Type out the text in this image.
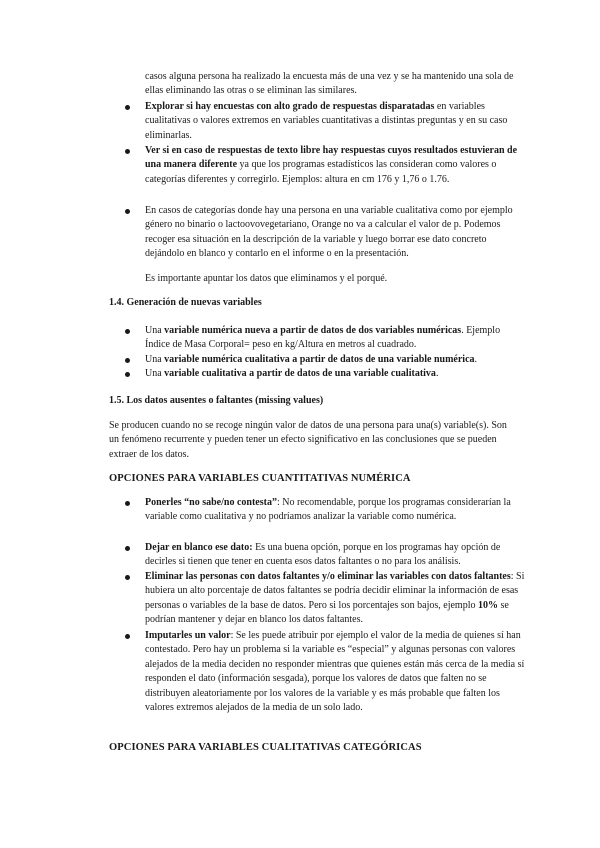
casos alguna persona ha realizado la encuesta más de una vez y se ha mantenido una sola de ellas eliminando las otras o se eliminan las similares.

Explorar si hay encuestas con alto grado de respuestas disparatadas en variables cualitativas o valores extremos en variables cuantitativas a distintas preguntas y en su caso eliminarlas.

Ver si en caso de respuestas de texto libre hay respuestas cuyos resultados estuvieran de una manera diferente ya que los programas estadísticos las consideran como valores o categorías diferentes y corregirlo. Ejemplos: altura en cm 176 y 1,76 o 1.76.

En casos de categorías donde hay una persona en una variable cualitativa como por ejemplo género no binario o lactoovovegetariano, Orange no va a calcular el valor de p. Podemos recoger esa situación en la descripción de la variable y luego borrar ese dato concreto dejándolo en blanco y contarlo en el informe o en la presentación.

Es importante apuntar los datos que eliminamos y el porqué.

1.4. Generación de nuevas variables

Una variable numérica nueva a partir de datos de dos variables numéricas. Ejemplo Índice de Masa Corporal= peso en kg/Altura en metros al cuadrado.

Una variable numérica cualitativa a partir de datos de una variable numérica.

Una variable cualitativa a partir de datos de una variable cualitativa.

1.5. Los datos ausentes o faltantes (missing values)

Se producen cuando no se recoge ningún valor de datos de una persona para una(s) variable(s). Son un fenómeno recurrente y pueden tener un efecto significativo en las conclusiones que se pueden extraer de los datos.

OPCIONES PARA VARIABLES CUANTITATIVAS NUMÉRICA

Ponerles “no sabe/no contesta”: No recomendable, porque los programas considerarían la variable como cualitativa y no podríamos analizar la variable como numérica.

Dejar en blanco ese dato: Es una buena opción, porque en los programas hay opción de decirles si tienen que tener en cuenta esos datos faltantes o no para los análisis.

Eliminar las personas con datos faltantes y/o eliminar las variables con datos faltantes: Si hubiera un alto porcentaje de datos faltantes se podría decidir eliminar la información de esas personas o variables de la base de datos. Pero si los porcentajes son bajos, ejemplo 10% se podrían mantener y dejar en blanco los datos faltantes.

Imputarles un valor: Se les puede atribuir por ejemplo el valor de la media de quienes sí han contestado. Pero hay un problema si la variable es “especial” y algunas personas con valores alejados de la media deciden no responder mientras que quienes están más cerca de la media sí responden el dato (información sesgada), porque los valores de datos que falten no se distribuyen aleatoriamente por los valores de la variable y es más probable que falten los valores extremos alejados de la media de un solo lado.

OPCIONES PARA VARIABLES CUALITATIVAS CATEGÓRICAS
